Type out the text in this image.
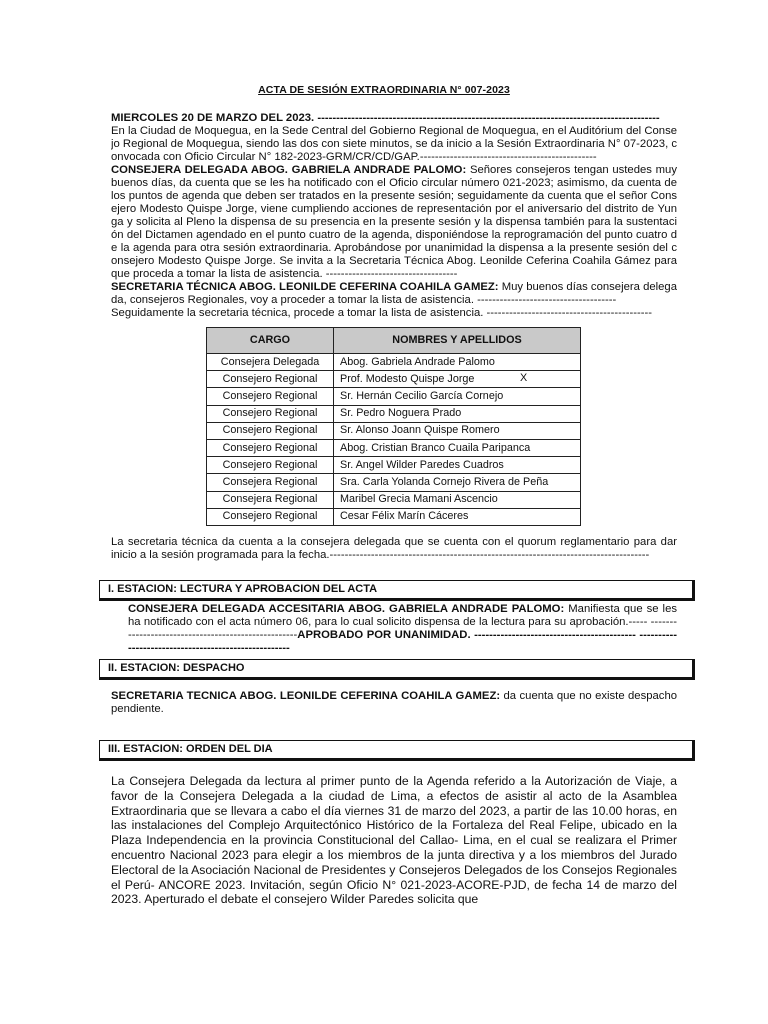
ACTA DE SESIÓN EXTRAORDINARIA N° 007-2023

MIERCOLES 20 DE MARZO DEL 2023. -------------------------------------------------------------------------------------------

En la Ciudad de Moquegua, en la Sede Central del Gobierno Regional de Moquegua, en el Auditórium del Consejo Regional de Moquegua, siendo las dos con siete minutos, se da inicio a la Sesión Extraordinaria N° 07-2023, convocada con Oficio Circular N° 182-2023-GRM/CR/CD/GAP.-----------------------------------------------

CONSEJERA DELEGADA ABOG. GABRIELA ANDRADE PALOMO: Señores consejeros tengan ustedes muy buenos días, da cuenta que se les ha notificado con el Oficio circular número 021-2023; asimismo, da cuenta de los puntos de agenda que deben ser tratados en la presente sesión; seguidamente da cuenta que el señor Consejero Modesto Quispe Jorge, viene cumpliendo acciones de representación por el aniversario del distrito de Yunga y solicita al Pleno la dispensa de su presencia en la presente sesión y la dispensa también para la sustentación del Dictamen agendado en el punto cuatro de la agenda, disponiéndose la reprogramación del punto cuatro de la agenda para otra sesión extraordinaria. Aprobándose por unanimidad la dispensa a la presente sesión del consejero Modesto Quispe Jorge. Se invita a la Secretaria Técnica Abog. Leonilde Ceferina Coahila Gámez para que proceda a tomar la lista de asistencia. -----------------------------------

SECRETARIA TÉCNICA ABOG. LEONILDE CEFERINA COAHILA GAMEZ: Muy buenos días consejera delegada, consejeros Regionales, voy a proceder a tomar la lista de asistencia. -------------------------------------

Seguidamente la secretaria técnica, procede a tomar la lista de asistencia. --------------------------------------------

CARGO	NOMBRES Y APELLIDOS
Consejera Delegada	Abog. Gabriela Andrade Palomo
Consejero Regional	Prof. Modesto Quispe Jorge X

Consejero Regional	Sr. Hernán Cecilio García Cornejo
Consejero Regional	Sr. Pedro Noguera Prado
Consejero Regional	Sr. Alonso Joann Quispe Romero
Consejero Regional	Abog. Cristian Branco Cuaila Paripanca
Consejero Regional	Sr. Angel Wilder Paredes Cuadros
Consejera Regional	Sra. Carla Yolanda Cornejo Rivera de Peña
Consejera Regional	Maribel Grecia Mamani Ascencio
Consejero Regional	Cesar Félix Marín Cáceres
La secretaria técnica da cuenta a la consejera delegada que se cuenta con el quorum reglamentario para dar inicio a la sesión programada para la fecha.-------------------------------------------------------------------------------------
I. ESTACION: LECTURA Y APROBACION DEL ACTA
CONSEJERA DELEGADA ACCESITARIA ABOG. GABRIELA ANDRADE PALOMO: Manifiesta que se les ha notificado con el acta número 06, para lo cual solicito dispensa de la lectura para su aprobación.----- ----------------------------------------------------APROBADO POR UNANIMIDAD. ------------------------------------------- -----------------------------------------------------
II. ESTACION: DESPACHO
SECRETARIA TECNICA ABOG. LEONILDE CEFERINA COAHILA GAMEZ: da cuenta que no existe despacho pendiente.
III. ESTACION: ORDEN DEL DIA
La Consejera Delegada da lectura al primer punto de la Agenda referido a la Autorización de Viaje, a favor de la Consejera Delegada a la ciudad de Lima, a efectos de asistir al acto de la Asamblea Extraordinaria que se llevara a cabo el día viernes 31 de marzo del 2023, a partir de las 10.00 horas, en las instalaciones del Complejo Arquitectónico Histórico de la Fortaleza del Real Felipe, ubicado en la Plaza Independencia en la provincia Constitucional del Callao- Lima, en el cual se realizara el Primer encuentro Nacional 2023 para elegir a los miembros de la junta directiva y a los miembros del Jurado Electoral de la Asociación Nacional de Presidentes y Consejeros Delegados de los Consejos Regionales el Perú- ANCORE 2023. Invitación, según Oficio N° 021-2023-ACORE-PJD, de fecha 14 de marzo del 2023. Aperturado el debate el consejero Wilder Paredes solicita que
